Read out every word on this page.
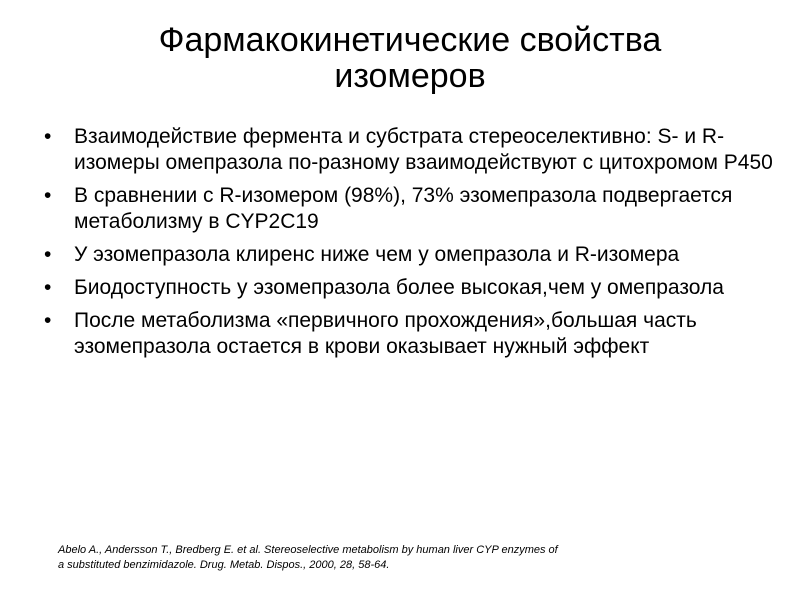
Фармакокинетические свойства
изомеров
•	Взаимодействие фермента и субстрата стереоселективно: S- и R-изомеры омепразола по-разному взаимодействуют с цитохромом P450
•	В сравнении с R-изомером (98%), 73% эзомепразола подвергается метаболизму в CYP2C19
•	У эзомепразола клиренс ниже чем у омепразола и R-изомера
•	Биодоступность у эзомепразола более высокая,чем у омепразола
•	После метаболизма «первичного прохождения»,большая часть эзомепразола остается в крови оказывает нужный эффект
Abelo A., Andersson T., Bredberg E. et al. Stereoselective metabolism by human liver CYP enzymes of a substituted benzimidazole. Drug. Metab. Dispos., 2000, 28, 58-64.
